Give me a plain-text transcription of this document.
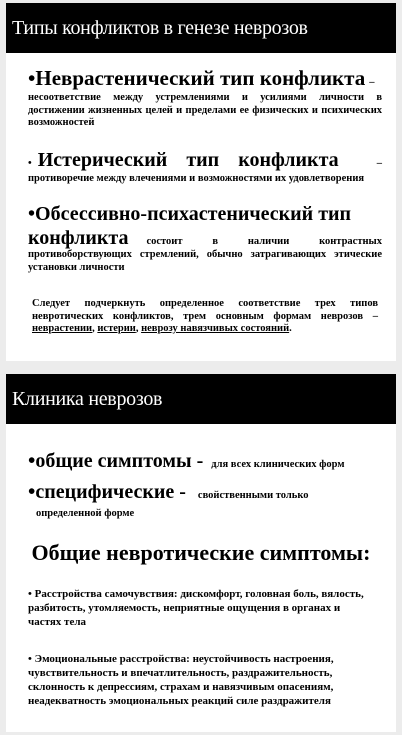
Типы конфликтов в генезе неврозов
•Неврастенический тип конфликта –
несоответствие между устремлениями и усилиями личности в достижении жизненных целей и пределами ее физических и психических возможностей
• Истерический тип конфликта	–
противоречие между влечениями и возможностями их удовлетворения
•Обсессивно-психастенический тип
конфликта состоит в наличии контрастных
противоборствующих стремлений, обычно затрагивающих этические установки личности
Следует подчеркнуть определенное соответствие трех типов невротических конфликтов, трем основным формам неврозов – неврастении, истерии, неврозу навязчивых состояний.
Клиника неврозов
•общие симптомы - для всех клинических форм
•специфические - свойственными только
определенной форме
Общие невротические симптомы:
• Расстройства самочувствия: дискомфорт, головная боль, вялость, разбитость, утомляемость, неприятные ощущения в органах и частях тела
• Эмоциональные расстройства: неустойчивость настроения, чувствительность и впечатлительность, раздражительность, склонность к депрессиям, страхам и навязчивым опасениям, неадекватность эмоциональных реакций силе раздражителя
